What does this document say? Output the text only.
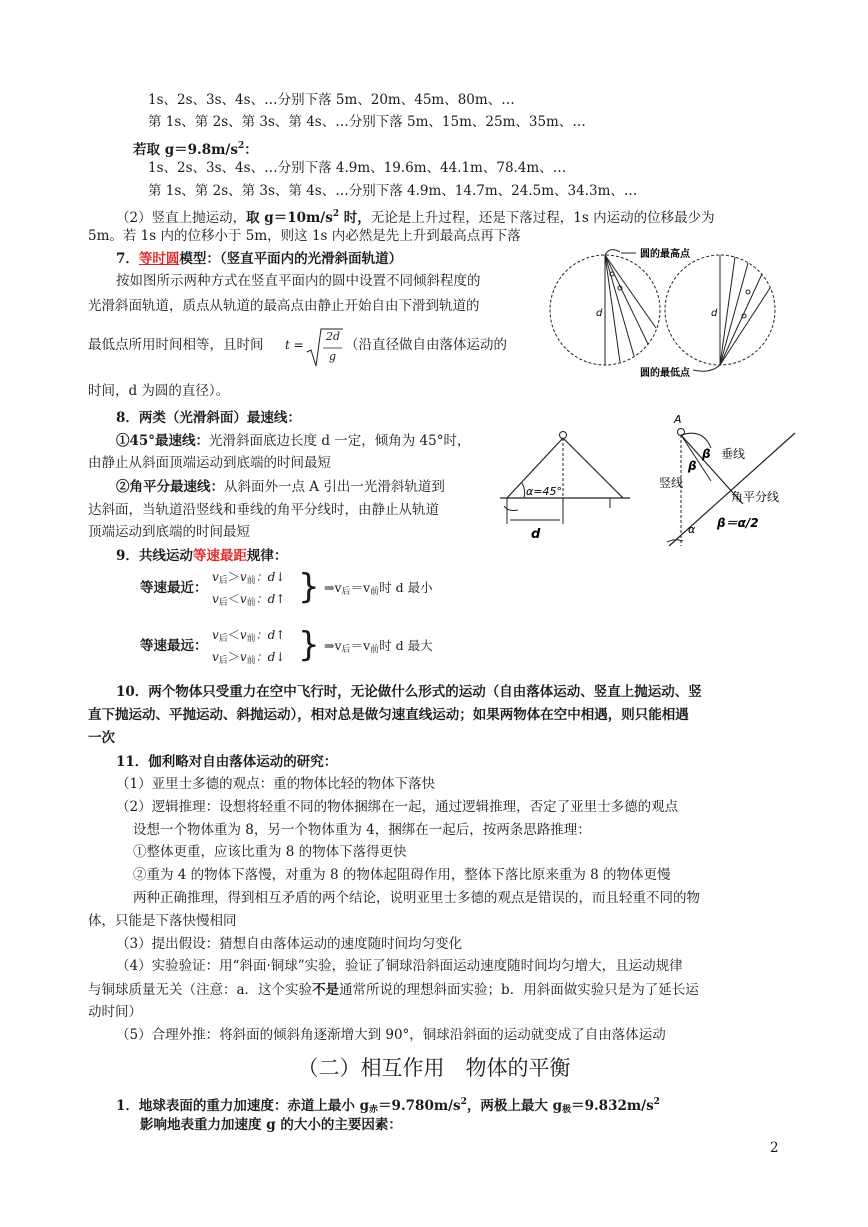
1s、2s、3s、4s、…分别下落 5m、20m、45m、80m、…
第 1s、第 2s、第 3s、第 4s、…分别下落 5m、15m、25m、35m、…
若取 $g=9.8m/s^2$：
1s、2s、3s、4s、…分别下落 4.9m、19.6m、44.1m、78.4m、…
第 1s、第 2s、第 3s、第 4s、…分别下落 4.9m、14.7m、24.5m、34.3m、…
（2）竖直上抛运动，取 $g=10m/s^2$ 时，无论是上升过程，还是下落过程，1s 内运动的位移最少为
5m。若 1s 内的位移小于 5m，则这 1s 内必然是先上升到最高点再下落
7．等时圆模型：（竖直平面内的光滑斜面轨道）
按如图所示两种方式在竖直平面内的圆中设置不同倾斜程度的
光滑斜面轨道，质点从轨道的最高点由静止开始自由下滑到轨道的
最低点所用时间相等，且时间 t =
2d
g
（沿直径做自由落体运动的
时间，d 为圆的直径）。
d	d
圆的最高点
圆的最低点
8．两类（光滑斜面）最速线：
①45°最速线：光滑斜面底边长度 d 一定，倾角为 45°时，
由静止从斜面顶端运动到底端的时间最短
②角平分最速线：从斜面外一点 A 引出一光滑斜轨道到
达斜面，当轨道沿竖线和垂线的角平分线时，由静止从轨道
顶端运动到底端的时间最短
α=45°
d
A
β
β 垂线
竖线
角平分线
β＝α/2
α
9．共线运动等速最距规律：
等速最近：
$v_后>v_前$：d↓
$v_后<v_前$：d↑ } $\Rightarrow v_后=v_前$时 d 最小
等速最远：
$v_后<v_前$：d↑
$v_后>v_前$：d↓ } $\Rightarrow v_后=v_前$时 d 最大
10．两个物体只受重力在空中飞行时，无论做什么形式的运动（自由落体运动、竖直上抛运动、竖
直下抛运动、平抛运动、斜抛运动），相对总是做匀速直线运动；如果两物体在空中相遇，则只能相遇
一次
11．伽利略对自由落体运动的研究：
（1）亚里士多德的观点：重的物体比轻的物体下落快
（2）逻辑推理：设想将轻重不同的物体捆绑在一起，通过逻辑推理，否定了亚里士多德的观点
设想一个物体重为 8，另一个物体重为 4，捆绑在一起后，按两条思路推理：
①整体更重，应该比重为 8 的物体下落得更快
②重为 4 的物体下落慢，对重为 8 的物体起阻碍作用，整体下落比原来重为 8 的物体更慢
两种正确推理，得到相互矛盾的两个结论，说明亚里士多德的观点是错误的，而且轻重不同的物
体，只能是下落快慢相同
（3）提出假设：猜想自由落体运动的速度随时间均匀变化
（4）实验验证：用“斜面·铜球”实验，验证了铜球沿斜面运动速度随时间均匀增大，且运动规律
与铜球质量无关（注意：a．这个实验不是通常所说的理想斜面实验；b．用斜面做实验只是为了延长运
动时间）
（5）合理外推：将斜面的倾斜角逐渐增大到 90°，铜球沿斜面的运动就变成了自由落体运动
（二）相互作用　物体的平衡
1．地球表面的重力加速度：赤道上最小 $g_赤=9.780m/s^2$，两极上最大 $g_极=9.832m/s^2$
影响地表重力加速度 g 的大小的主要因素：
2
